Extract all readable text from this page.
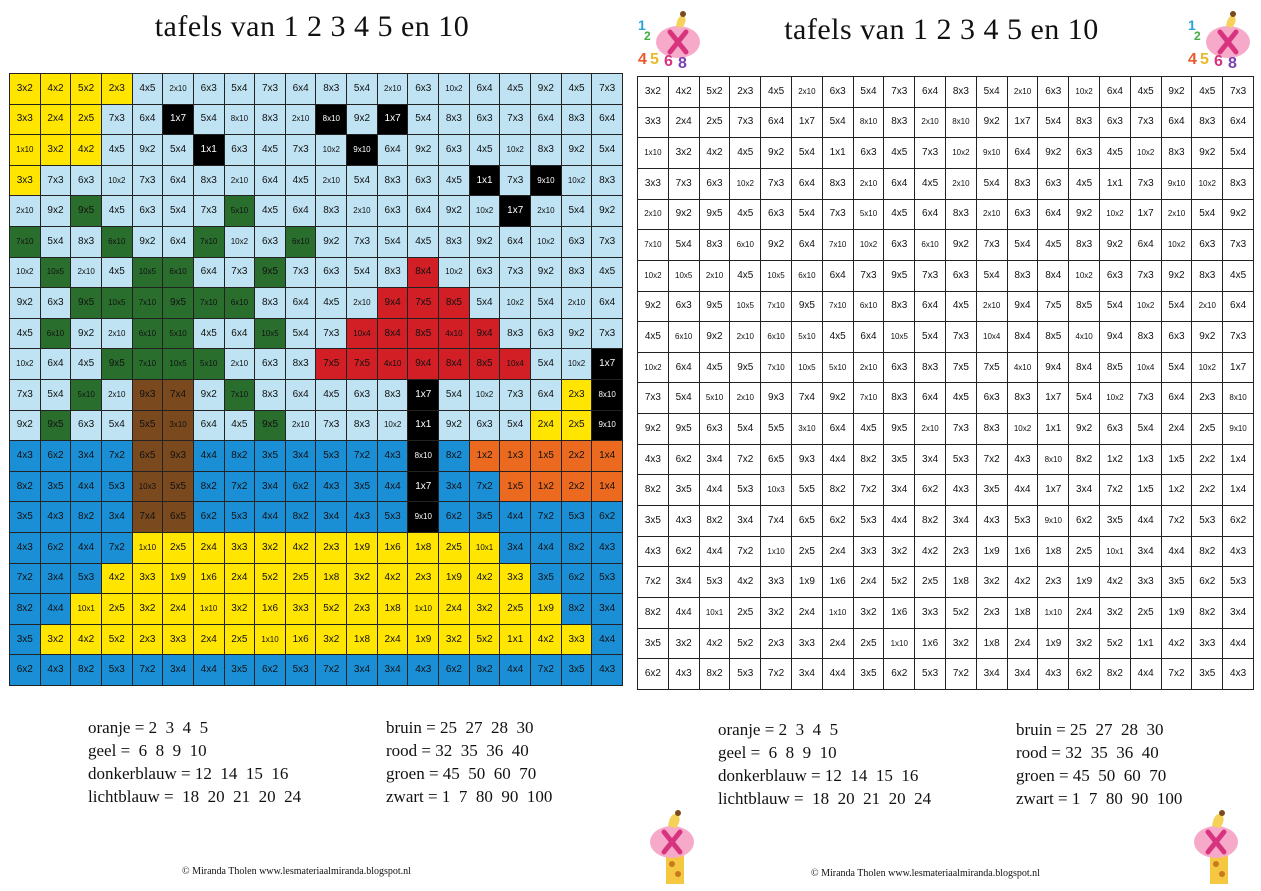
tafels van 1 2 3 4 5 en 10
3x2	4x2	5x2	2x3	4x5	2x10	6x3	5x4	7x3	6x4	8x3	5x4	2x10	6x3	10x2	6x4	4x5	9x2	4x5	7x3
3x3	2x4	2x5	7x3	6x4	1x7	5x4	8x10	8x3	2x10	8x10	9x2	1x7	5x4	8x3	6x3	7x3	6x4	8x3	6x4
1x10	3x2	4x2	4x5	9x2	5x4	1x1	6x3	4x5	7x3	10x2	9x10	6x4	9x2	6x3	4x5	10x2	8x3	9x2	5x4
3x3	7x3	6x3	10x2	7x3	6x4	8x3	2x10	6x4	4x5	2x10	5x4	8x3	6x3	4x5	1x1	7x3	9x10	10x2	8x3
2x10	9x2	9x5	4x5	6x3	5x4	7x3	5x10	4x5	6x4	8x3	2x10	6x3	6x4	9x2	10x2	1x7	2x10	5x4	9x2
7x10	5x4	8x3	6x10	9x2	6x4	7x10	10x2	6x3	6x10	9x2	7x3	5x4	4x5	8x3	9x2	6x4	10x2	6x3	7x3
10x2	10x5	2x10	4x5	10x5	6x10	6x4	7x3	9x5	7x3	6x3	5x4	8x3	8x4	10x2	6x3	7x3	9x2	8x3	4x5
9x2	6x3	9x5	10x5	7x10	9x5	7x10	6x10	8x3	6x4	4x5	2x10	9x4	7x5	8x5	5x4	10x2	5x4	2x10	6x4
4x5	6x10	9x2	2x10	6x10	5x10	4x5	6x4	10x5	5x4	7x3	10x4	8x4	8x5	4x10	9x4	8x3	6x3	9x2	7x3
10x2	6x4	4x5	9x5	7x10	10x5	5x10	2x10	6x3	8x3	7x5	7x5	4x10	9x4	8x4	8x5	10x4	5x4	10x2	1x7
7x3	5x4	5x10	2x10	9x3	7x4	9x2	7x10	8x3	6x4	4x5	6x3	8x3	1x7	5x4	10x2	7x3	6x4	2x3	8x10
9x2	9x5	6x3	5x4	5x5	3x10	6x4	4x5	9x5	2x10	7x3	8x3	10x2	1x1	9x2	6x3	5x4	2x4	2x5	9x10
4x3	6x2	3x4	7x2	6x5	9x3	4x4	8x2	3x5	3x4	5x3	7x2	4x3	8x10	8x2	1x2	1x3	1x5	2x2	1x4
8x2	3x5	4x4	5x3	10x3	5x5	8x2	7x2	3x4	6x2	4x3	3x5	4x4	1x7	3x4	7x2	1x5	1x2	2x2	1x4
3x5	4x3	8x2	3x4	7x4	6x5	6x2	5x3	4x4	8x2	3x4	4x3	5x3	9x10	6x2	3x5	4x4	7x2	5x3	6x2
4x3	6x2	4x4	7x2	1x10	2x5	2x4	3x3	3x2	4x2	2x3	1x9	1x6	1x8	2x5	10x1	3x4	4x4	8x2	4x3
7x2	3x4	5x3	4x2	3x3	1x9	1x6	2x4	5x2	2x5	1x8	3x2	4x2	2x3	1x9	4x2	3x3	3x5	6x2	5x3
8x2	4x4	10x1	2x5	3x2	2x4	1x10	3x2	1x6	3x3	5x2	2x3	1x8	1x10	2x4	3x2	2x5	1x9	8x2	3x4
3x5	3x2	4x2	5x2	2x3	3x3	2x4	2x5	1x10	1x6	3x2	1x8	2x4	1x9	3x2	5x2	1x1	4x2	3x3	4x4
6x2	4x3	8x2	5x3	7x2	3x4	4x4	3x5	6x2	5x3	7x2	3x4	3x4	4x3	6x2	8x2	4x4	7x2	3x5	4x3
oranje = 2  3  4  5
geel =  6  8  9  10
donkerblauw = 12  14  15  16
lichtblauw =  18  20  21  20  24
bruin = 25  27  28  30
rood = 32  35  36  40
groen = 45  50  60  70
zwart = 1  7  80  90  100
© Miranda Tholen www.lesmateriaalmiranda.blogspot.nl
tafels van 1 2 3 4 5 en 10
3x2	4x2	5x2	2x3	4x5	2x10	6x3	5x4	7x3	6x4	8x3	5x4	2x10	6x3	10x2	6x4	4x5	9x2	4x5	7x3
3x3	2x4	2x5	7x3	6x4	1x7	5x4	8x10	8x3	2x10	8x10	9x2	1x7	5x4	8x3	6x3	7x3	6x4	8x3	6x4
1x10	3x2	4x2	4x5	9x2	5x4	1x1	6x3	4x5	7x3	10x2	9x10	6x4	9x2	6x3	4x5	10x2	8x3	9x2	5x4
3x3	7x3	6x3	10x2	7x3	6x4	8x3	2x10	6x4	4x5	2x10	5x4	8x3	6x3	4x5	1x1	7x3	9x10	10x2	8x3
2x10	9x2	9x5	4x5	6x3	5x4	7x3	5x10	4x5	6x4	8x3	2x10	6x3	6x4	9x2	10x2	1x7	2x10	5x4	9x2
7x10	5x4	8x3	6x10	9x2	6x4	7x10	10x2	6x3	6x10	9x2	7x3	5x4	4x5	8x3	9x2	6x4	10x2	6x3	7x3
10x2	10x5	2x10	4x5	10x5	6x10	6x4	7x3	9x5	7x3	6x3	5x4	8x3	8x4	10x2	6x3	7x3	9x2	8x3	4x5
9x2	6x3	9x5	10x5	7x10	9x5	7x10	6x10	8x3	6x4	4x5	2x10	9x4	7x5	8x5	5x4	10x2	5x4	2x10	6x4
4x5	6x10	9x2	2x10	6x10	5x10	4x5	6x4	10x5	5x4	7x3	10x4	8x4	8x5	4x10	9x4	8x3	6x3	9x2	7x3
10x2	6x4	4x5	9x5	7x10	10x5	5x10	2x10	6x3	8x3	7x5	7x5	4x10	9x4	8x4	8x5	10x4	5x4	10x2	1x7
7x3	5x4	5x10	2x10	9x3	7x4	9x2	7x10	8x3	6x4	4x5	6x3	8x3	1x7	5x4	10x2	7x3	6x4	2x3	8x10
9x2	9x5	6x3	5x4	5x5	3x10	6x4	4x5	9x5	2x10	7x3	8x3	10x2	1x1	9x2	6x3	5x4	2x4	2x5	9x10
4x3	6x2	3x4	7x2	6x5	9x3	4x4	8x2	3x5	3x4	5x3	7x2	4x3	8x10	8x2	1x2	1x3	1x5	2x2	1x4
8x2	3x5	4x4	5x3	10x3	5x5	8x2	7x2	3x4	6x2	4x3	3x5	4x4	1x7	3x4	7x2	1x5	1x2	2x2	1x4
3x5	4x3	8x2	3x4	7x4	6x5	6x2	5x3	4x4	8x2	3x4	4x3	5x3	9x10	6x2	3x5	4x4	7x2	5x3	6x2
4x3	6x2	4x4	7x2	1x10	2x5	2x4	3x3	3x2	4x2	2x3	1x9	1x6	1x8	2x5	10x1	3x4	4x4	8x2	4x3
7x2	3x4	5x3	4x2	3x3	1x9	1x6	2x4	5x2	2x5	1x8	3x2	4x2	2x3	1x9	4x2	3x3	3x5	6x2	5x3
8x2	4x4	10x1	2x5	3x2	2x4	1x10	3x2	1x6	3x3	5x2	2x3	1x8	1x10	2x4	3x2	2x5	1x9	8x2	3x4
3x5	3x2	4x2	5x2	2x3	3x3	2x4	2x5	1x10	1x6	3x2	1x8	2x4	1x9	3x2	5x2	1x1	4x2	3x3	4x4
6x2	4x3	8x2	5x3	7x2	3x4	4x4	3x5	6x2	5x3	7x2	3x4	3x4	4x3	6x2	8x2	4x4	7x2	3x5	4x3
oranje = 2  3  4  5
geel =  6  8  9  10
donkerblauw = 12  14  15  16
lichtblauw =  18  20  21  20  24
bruin = 25  27  28  30
rood = 32  35  36  40
groen = 45  50  60  70
zwart = 1  7  80  90  100
© Miranda Tholen www.lesmateriaalmiranda.blogspot.nl
1
2
4 5 6 8
1
2
4 5 6 8
